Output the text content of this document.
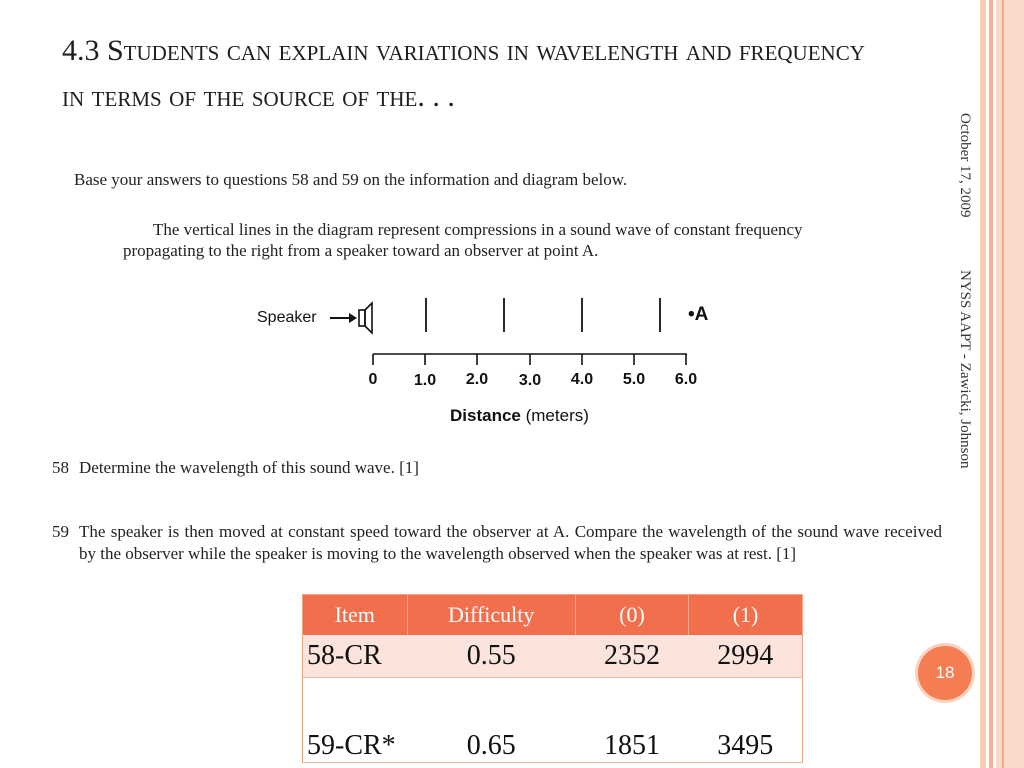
4.3 Students can explain variations in wavelength and frequency in terms of the source of the. . .
October 17, 2009
NYSS AAPT - Zawicki, Johnson
Base your answers to questions 58 and 59 on the information and diagram below.
The vertical lines in the diagram represent compressions in a sound wave of constant frequency propagating to the right from a speaker toward an observer at point A.
Speaker	•A
0 1.0 2.0 3.0 4.0 5.0 6.0
Distance (meters)
58 Determine the wavelength of this sound wave. [1]
59 The speaker is then moved at constant speed toward the observer at A. Compare the wavelength of the sound wave received by the observer while the speaker is moving to the wavelength observed when the speaker was at rest. [1]
Item	Difficulty	(0)	(1)
58-CR	0.55	2352	2994
59-CR*	0.65	1851	3495
18
